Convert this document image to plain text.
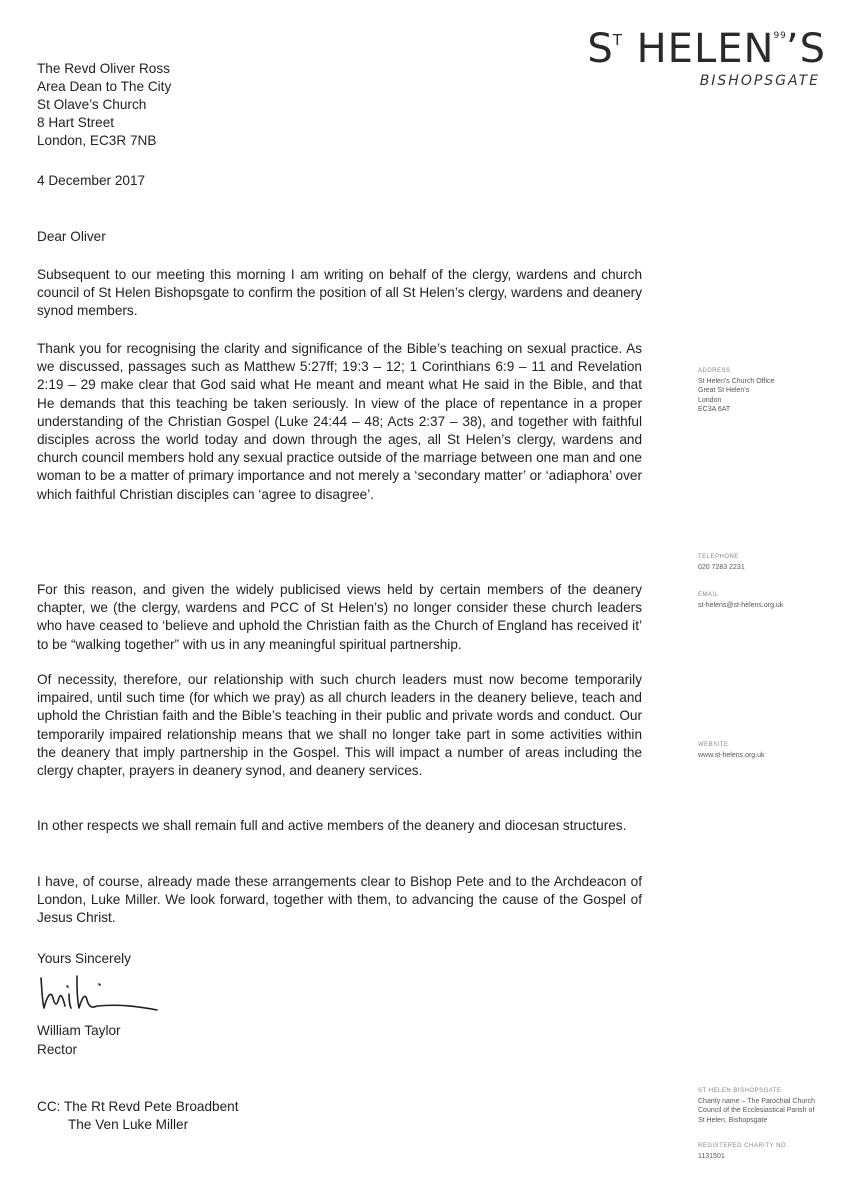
$S^T$ HELEN$^{99}$’S
BISHOPSGATE
The Revd Oliver Ross
Area Dean to The City
St Olave’s Church
8 Hart Street
London, EC3R 7NB
4 December 2017
Dear Oliver
Subsequent to our meeting this morning I am writing on behalf of the clergy, wardens and church council of St Helen Bishopsgate to confirm the position of all St Helen’s clergy, wardens and deanery synod members.
Thank you for recognising the clarity and significance of the Bible’s teaching on sexual practice. As we discussed, passages such as Matthew 5:27ff; 19:3 – 12; 1 Corinthians 6:9 – 11 and Revelation 2:19 – 29 make clear that God said what He meant and meant what He said in the Bible, and that He demands that this teaching be taken seriously. In view of the place of repentance in a proper understanding of the Christian Gospel (Luke 24:44 – 48; Acts 2:37 – 38), and together with faithful disciples across the world today and down through the ages, all St Helen’s clergy, wardens and church council members hold any sexual practice outside of the marriage between one man and one woman to be a matter of primary importance and not merely a ‘secondary matter’ or ‘adiaphora’ over which faithful Christian disciples can ‘agree to disagree’.
For this reason, and given the widely publicised views held by certain members of the deanery chapter, we (the clergy, wardens and PCC of St Helen’s) no longer consider these church leaders who have ceased to ‘believe and uphold the Christian faith as the Church of England has received it’ to be “walking together” with us in any meaningful spiritual partnership.
Of necessity, therefore, our relationship with such church leaders must now become temporarily impaired, until such time (for which we pray) as all church leaders in the deanery believe, teach and uphold the Christian faith and the Bible’s teaching in their public and private words and conduct. Our temporarily impaired relationship means that we shall no longer take part in some activities within the deanery that imply partnership in the Gospel. This will impact a number of areas including the clergy chapter, prayers in deanery synod, and deanery services.
In other respects we shall remain full and active members of the deanery and diocesan structures.
I have, of course, already made these arrangements clear to Bishop Pete and to the Archdeacon of London, Luke Miller. We look forward, together with them, to advancing the cause of the Gospel of Jesus Christ.
Yours Sincerely
William Taylor
Rector
CC: The Rt Revd Pete Broadbent
The Ven Luke Miller
ADDRESS
St Helen’s Church Office
Great St Helen’s
London
EC3A 6AT
TELEPHONE
020 7283 2231
EMAIL
st-helens@st-helens.org.uk
WEBSITE
www.st-helens.org.uk
ST HELEN BISHOPSGATE
Charity name – The Parochial Church
Council of the Ecclesiastical Parish of
St Helen, Bishopsgate
REGISTERED CHARITY NO.
1131501
